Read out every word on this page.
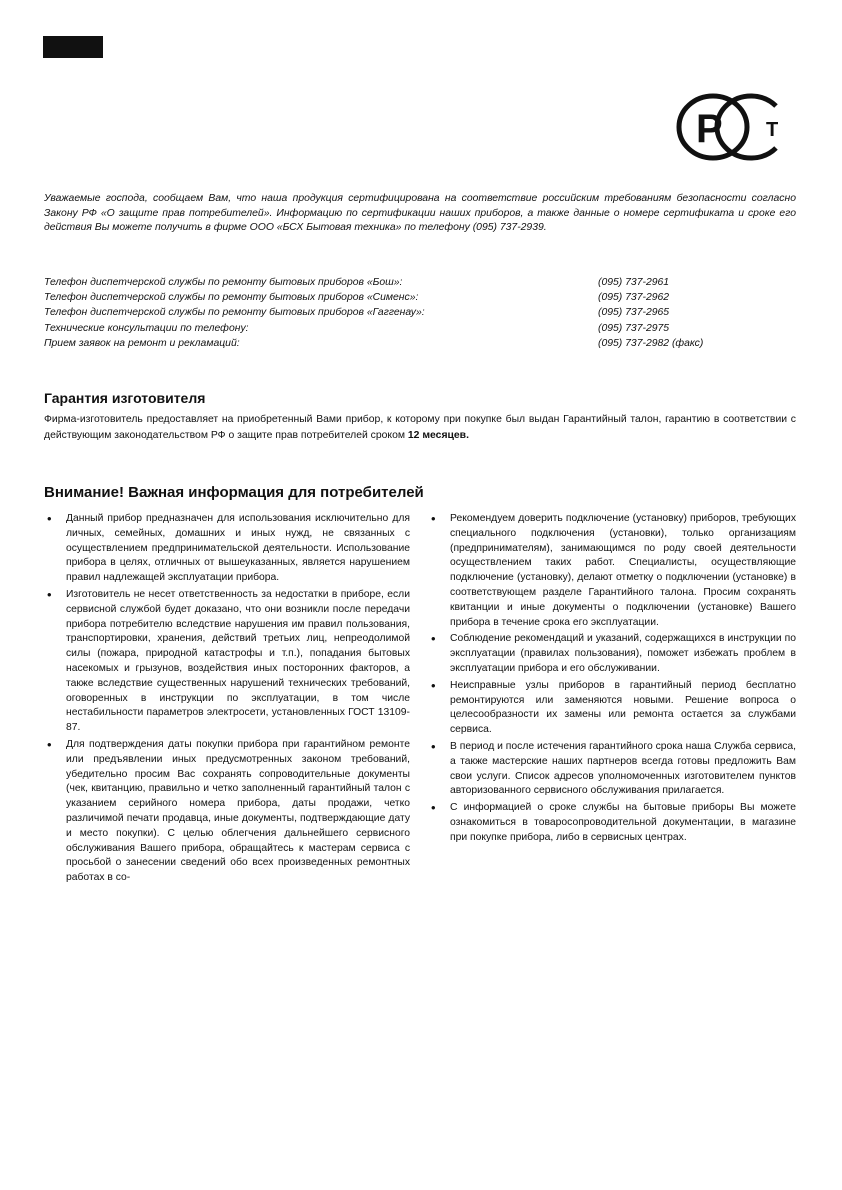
Р Т
Уважаемые господа, сообщаем Вам, что наша продукция сертифицирована на соответствие российским требованиям безопасности согласно Закону РФ «О защите прав потребителей». Информацию по сертификации наших приборов, а также данные о номере сертификата и сроке его действия Вы можете получить в фирме ООО «БСХ Бытовая техника» по телефону (095) 737-2939.
Телефон диспетчерской службы по ремонту бытовых приборов «Бош»:	(095) 737-2961
Телефон диспетчерской службы по ремонту бытовых приборов «Сименс»:	(095) 737-2962
Телефон диспетчерской службы по ремонту бытовых приборов «Гаггенау»:	(095) 737-2965
Технические консультации по телефону:	(095) 737-2975
Прием заявок на ремонт и рекламаций:	(095) 737-2982 (факс)
Гарантия изготовителя
Фирма-изготовитель предоставляет на приобретенный Вами прибор, к которому при покупке был выдан Гарантийный талон, гарантию в соответствии с действующим законодательством РФ о защите прав потребителей сроком 12 месяцев.
Внимание! Важная информация для потребителей
• Данный прибор предназначен для использования исключительно для личных, семейных, домашних и иных нужд, не связанных с осуществлением предпринимательской деятельности. Использование прибора в целях, отличных от вышеуказанных, является нарушением правил надлежащей эксплуатации прибора.
• Изготовитель не несет ответственность за недостатки в приборе, если сервисной службой будет доказано, что они возникли после передачи прибора потребителю вследствие нарушения им правил пользования, транспортировки, хранения, действий третьих лиц, непреодолимой силы (пожара, природной катастрофы и т.п.), попадания бытовых насекомых и грызунов, воздействия иных посторонних факторов, а также вследствие существенных нарушений технических требований, оговоренных в инструкции по эксплуатации, в том числе нестабильности параметров электросети, установленных ГОСТ 13109-87.
• Для подтверждения даты покупки прибора при гарантийном ремонте или предъявлении иных предусмотренных законом требований, убедительно просим Вас сохранять сопроводительные документы (чек, квитанцию, правильно и четко заполненный гарантийный талон с указанием серийного номера прибора, даты продажи, четко различимой печати продавца, иные документы, подтверждающие дату и место покупки). С целью облегчения дальнейшего сервисного обслуживания Вашего прибора, обращайтесь к мастерам сервиса с просьбой о занесении сведений обо всех произведенных ремонтных работах в со-
• Рекомендуем доверить подключение (установку) приборов, требующих специального подключения (установки), только организациям (предпринимателям), занимающимся по роду своей деятельности осуществлением таких работ. Специалисты, осуществляющие подключение (установку), делают отметку о подключении (установке) в соответствующем разделе Гарантийного талона. Просим сохранять квитанции и иные документы о подключении (установке) Вашего прибора в течение срока его эксплуатации.
• Соблюдение рекомендаций и указаний, содержащихся в инструкции по эксплуатации (правилах пользования), поможет избежать проблем в эксплуатации прибора и его обслуживании.
• Неисправные узлы приборов в гарантийный период бесплатно ремонтируются или заменяются новыми. Решение вопроса о целесообразности их замены или ремонта остается за службами сервиса.
• В период и после истечения гарантийного срока наша Служба сервиса, а также мастерские наших партнеров всегда готовы предложить Вам свои услуги. Список адресов уполномоченных изготовителем пунктов авторизованного сервисного обслуживания прилагается.
• С информацией о сроке службы на бытовые приборы Вы можете ознакомиться в товаросопроводительной документации, в магазине при покупке прибора, либо в сервисных центрах.
